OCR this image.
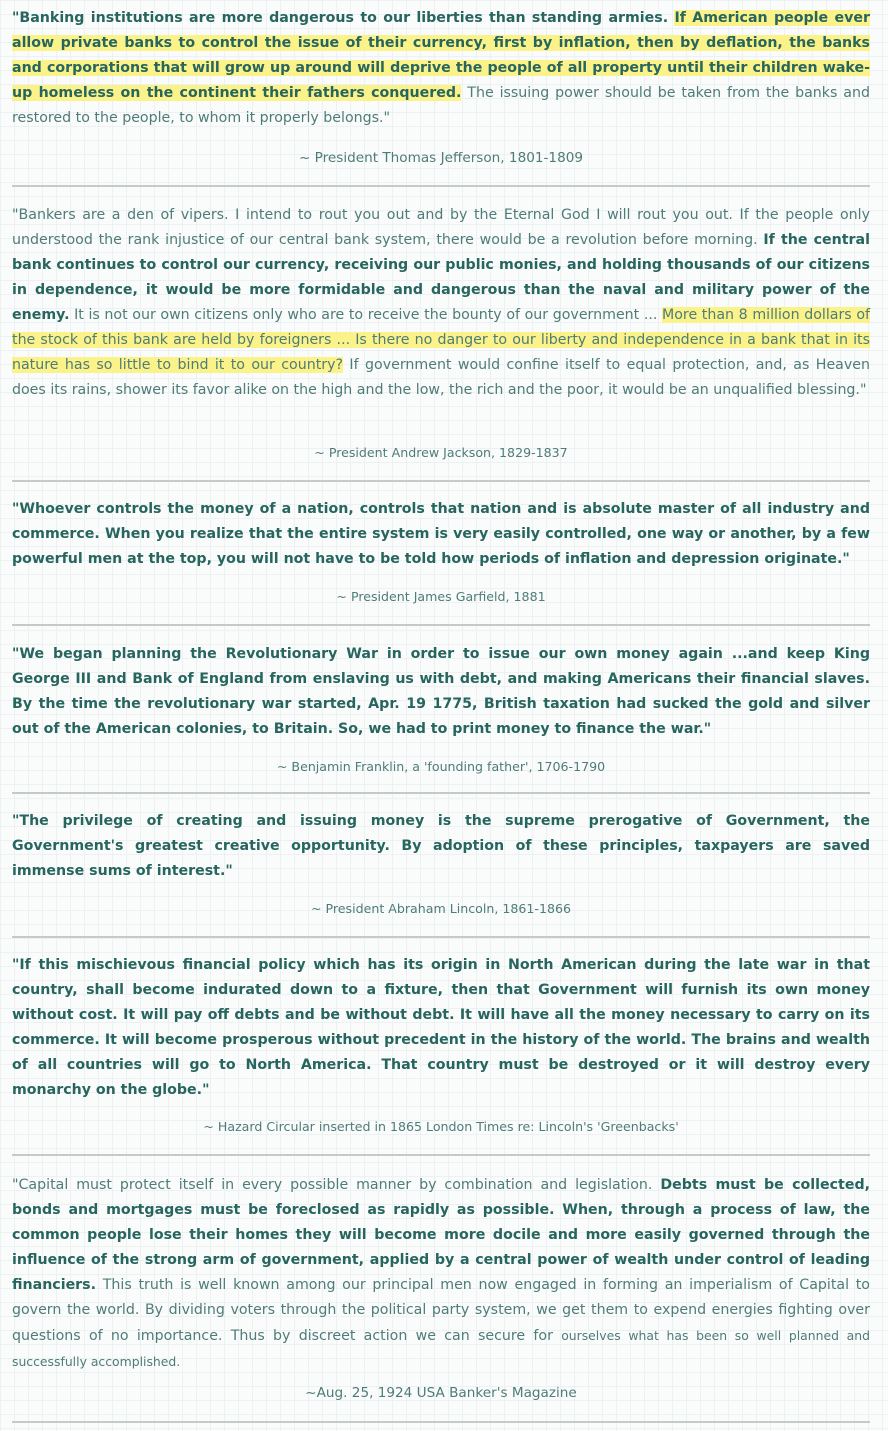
"Banking institutions are more dangerous to our liberties than standing armies. If American people ever allow private banks to control the issue of their currency, first by inflation, then by deflation, the banks and corporations that will grow up around will deprive the people of all property until their children wake-up homeless on the continent their fathers conquered. The issuing power should be taken from the banks and restored to the people, to whom it properly belongs."

~ President Thomas Jefferson, 1801-1809

"Bankers are a den of vipers. I intend to rout you out and by the Eternal God I will rout you out. If the people only understood the rank injustice of our central bank system, there would be a revolution before morning. If the central bank continues to control our currency, receiving our public monies, and holding thousands of our citizens in dependence, it would be more formidable and dangerous than the naval and military power of the enemy. It is not our own citizens only who are to receive the bounty of our government ... More than 8 million dollars of the stock of this bank are held by foreigners ... Is there no danger to our liberty and independence in a bank that in its nature has so little to bind it to our country? If government would confine itself to equal protection, and, as Heaven does its rains, shower its favor alike on the high and the low, the rich and the poor, it would be an unqualified blessing."

~ President Andrew Jackson, 1829-1837

"Whoever controls the money of a nation, controls that nation and is absolute master of all industry and commerce. When you realize that the entire system is very easily controlled, one way or another, by a few powerful men at the top, you will not have to be told how periods of inflation and depression originate."

~ President James Garfield, 1881

"We began planning the Revolutionary War in order to issue our own money again ...and keep King George III and Bank of England from enslaving us with debt, and making Americans their financial slaves. By the time the revolutionary war started, Apr. 19 1775, British taxation had sucked the gold and silver out of the American colonies, to Britain. So, we had to print money to finance the war."

~ Benjamin Franklin, a 'founding father', 1706-1790

"The privilege of creating and issuing money is the supreme prerogative of Government, the Government's greatest creative opportunity. By adoption of these principles, taxpayers are saved immense sums of interest."

~ President Abraham Lincoln, 1861-1866

"If this mischievous financial policy which has its origin in North American during the late war in that country, shall become indurated down to a fixture, then that Government will furnish its own money without cost. It will pay off debts and be without debt. It will have all the money necessary to carry on its commerce. It will become prosperous without precedent in the history of the world. The brains and wealth of all countries will go to North America. That country must be destroyed or it will destroy every monarchy on the globe."

~ Hazard Circular inserted in 1865 London Times re: Lincoln's 'Greenbacks'

"Capital must protect itself in every possible manner by combination and legislation. Debts must be collected, bonds and mortgages must be foreclosed as rapidly as possible. When, through a process of law, the common people lose their homes they will become more docile and more easily governed through the influence of the strong arm of government, applied by a central power of wealth under control of leading financiers. This truth is well known among our principal men now engaged in forming an imperialism of Capital to govern the world. By dividing voters through the political party system, we get them to expend energies fighting over questions of no importance. Thus by discreet action we can secure for ourselves what has been so well planned and successfully accomplished.

~Aug. 25, 1924 USA Banker's Magazine
